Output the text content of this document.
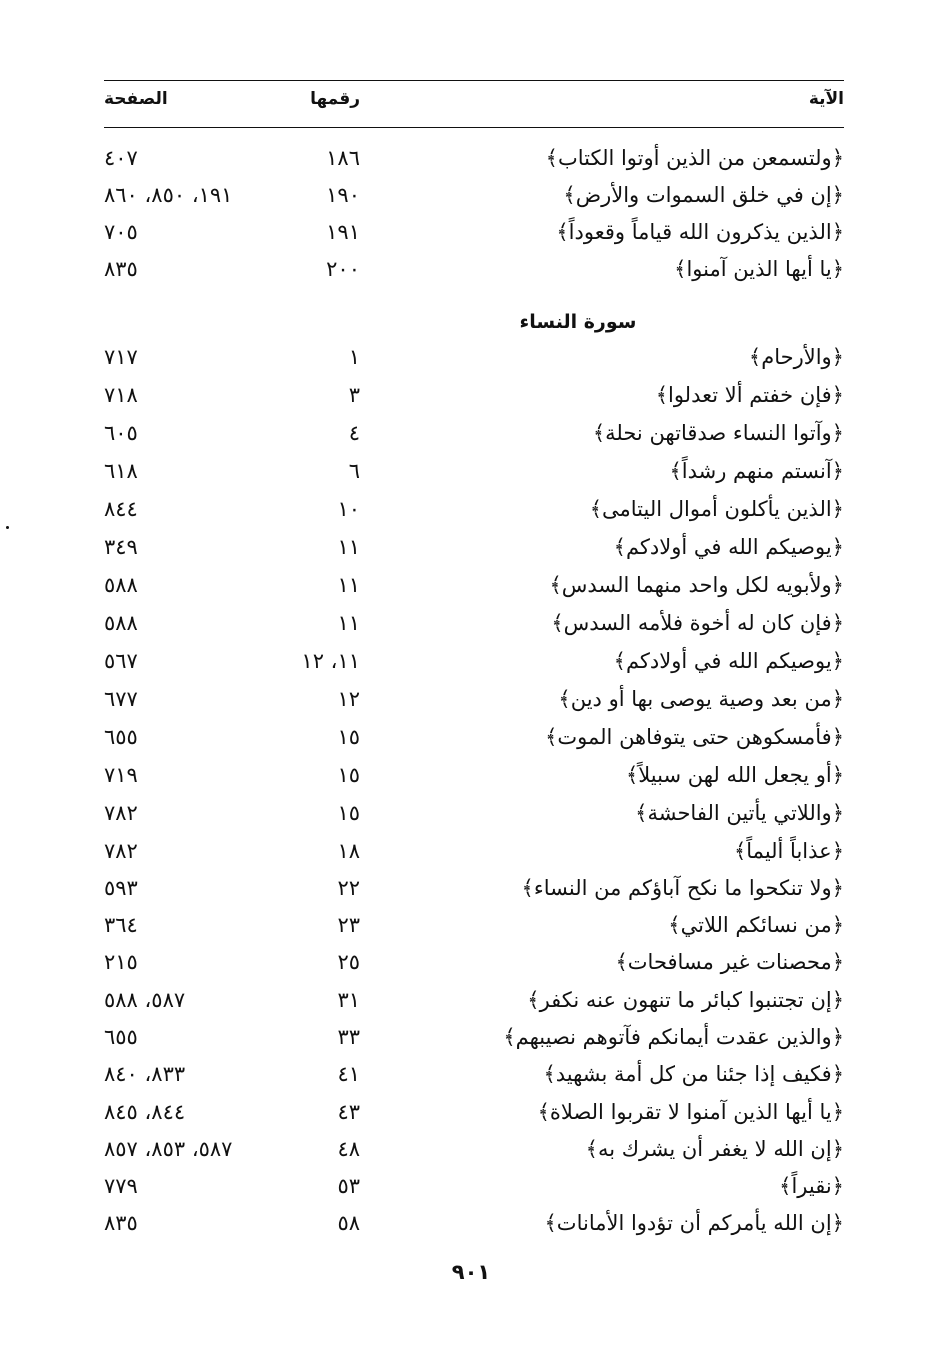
الآية
رقمها
الصفحة
﴿ولتسمعن من الذين أوتوا الكتاب﴾
١٨٦
٤٠٧
﴿إن في خلق السموات والأرض﴾
١٩٠
١٩١، ٨٥٠، ٨٦٠
﴿الذين يذكرون الله قياماً وقعوداً﴾
١٩١
٧٠٥
﴿يا أيها الذين آمنوا﴾
٢٠٠
٨٣٥
سورة النساء
﴿والأرحام﴾
١
٧١٧
﴿فإن خفتم ألا تعدلوا﴾
٣
٧١٨
﴿وآتوا النساء صدقاتهن نحلة﴾
٤
٦٠٥
﴿آنستم منهم رشداً﴾
٦
٦١٨
﴿الذين يأكلون أموال اليتامى﴾
١٠
٨٤٤
﴿يوصيكم الله في أولادكم﴾
١١
٣٤٩
﴿ولأبويه لكل واحد منهما السدس﴾
١١
٥٨٨
﴿فإن كان له أخوة فلأمه السدس﴾
١١
٥٨٨
﴿يوصيكم الله في أولادكم﴾
١١، ١٢
٥٦٧
﴿من بعد وصية يوصى بها أو دين﴾
١٢
٦٧٧
﴿فأمسكوهن حتى يتوفاهن الموت﴾
١٥
٦٥٥
﴿أو يجعل الله لهن سبيلاً﴾
١٥
٧١٩
﴿واللاتي يأتين الفاحشة﴾
١٥
٧٨٢
﴿عذاباً أليماً﴾
١٨
٧٨٢
﴿ولا تنكحوا ما نكح آباؤكم من النساء﴾
٢٢
٥٩٣
﴿من نسائكم اللاتي﴾
٢٣
٣٦٤
﴿محصنات غير مسافحات﴾
٢٥
٢١٥
﴿إن تجتنبوا كبائر ما تنهون عنه نكفر﴾
٣١
٥٨٧، ٥٨٨
﴿والذين عقدت أيمانكم فآتوهم نصيبهم﴾
٣٣
٦٥٥
﴿فكيف إذا جئنا من كل أمة بشهيد﴾
٤١
٨٣٣، ٨٤٠
﴿يا أيها الذين آمنوا لا تقربوا الصلاة﴾
٤٣
٨٤٤، ٨٤٥
﴿إن الله لا يغفر أن يشرك به﴾
٤٨
٥٨٧، ٨٥٣، ٨٥٧
﴿نقيراً﴾
٥٣
٧٧٩
﴿إن الله يأمركم أن تؤدوا الأمانات﴾
٥٨
٨٣٥
٩٠١
